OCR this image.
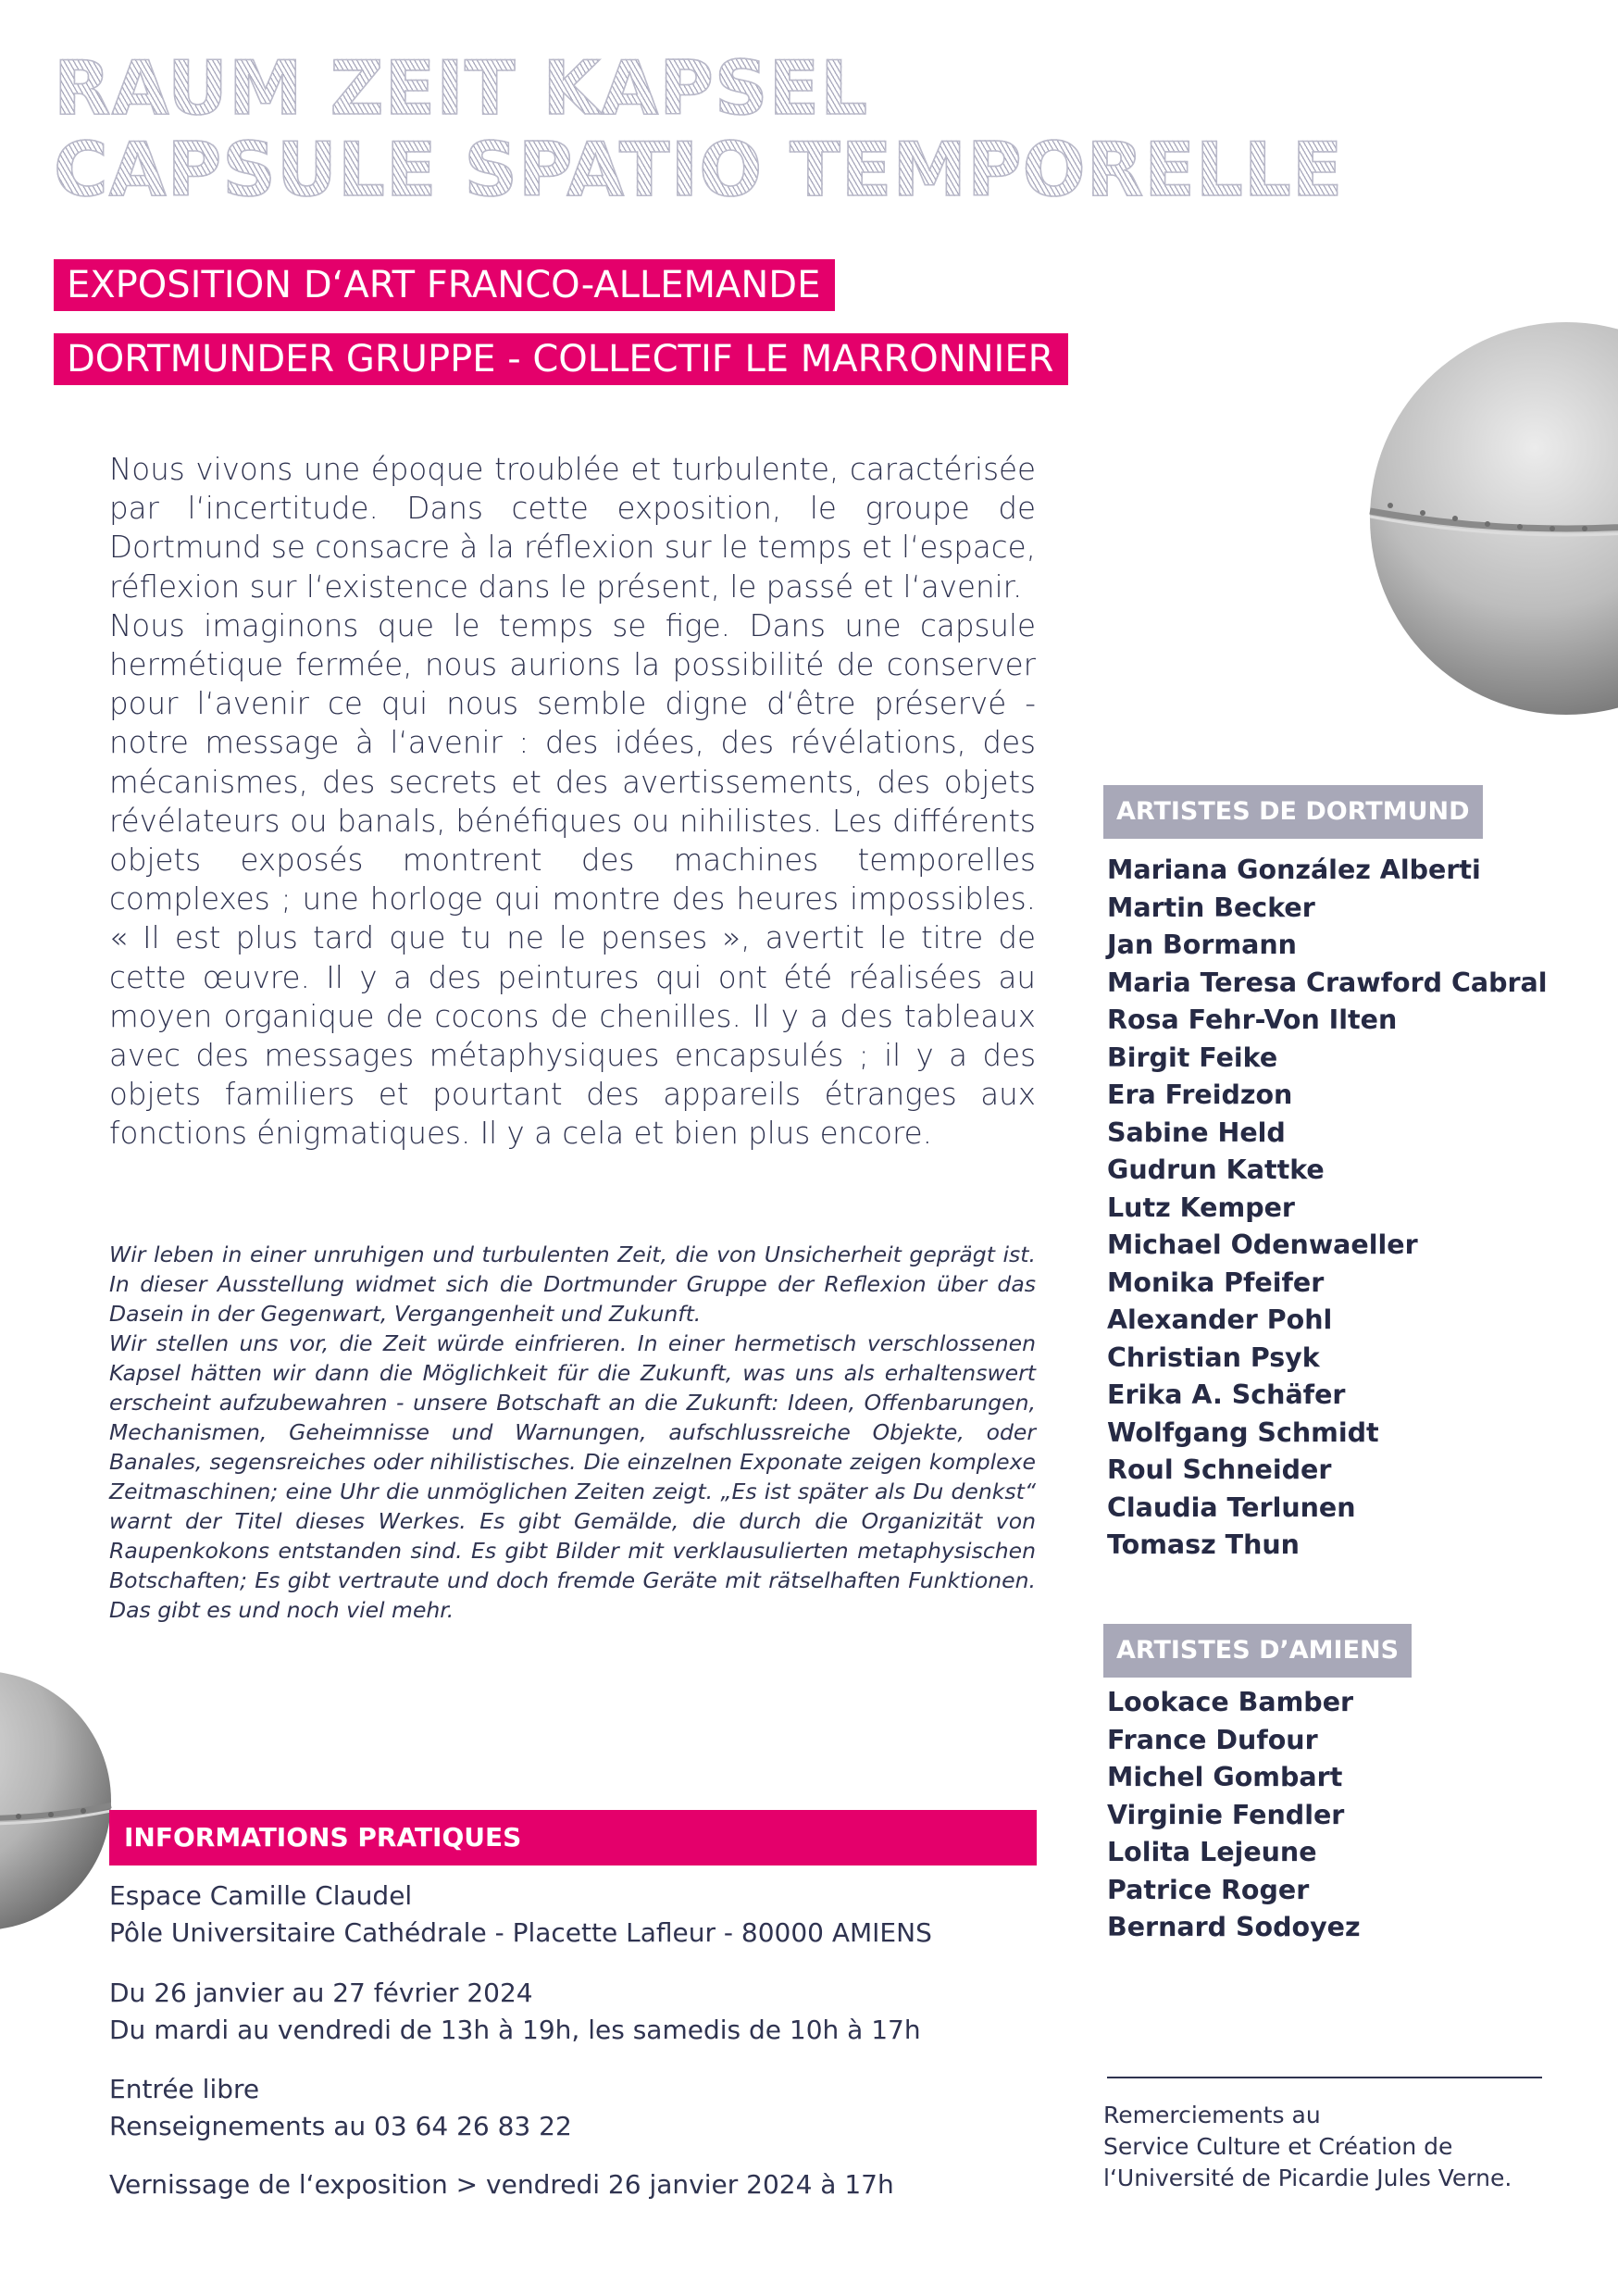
RAUM ZEIT KAPSEL
CAPSULE SPATIO TEMPORELLE
EXPOSITION D‘ART FRANCO-ALLEMANDE
DORTMUNDER GRUPPE - COLLECTIF LE MARRONNIER

Nous vivons une époque troublée et turbulente, caractérisée par l‘incertitude. Dans cette exposition, le groupe de Dortmund se consacre à la réflexion sur le temps et l‘espace, réflexion sur l‘existence dans le présent, le passé et l‘avenir.

Nous imaginons que le temps se fige. Dans une capsule hermétique fermée, nous aurions la possibilité de conserver pour l‘avenir ce qui nous semble digne d‘être préservé - notre message à l‘avenir : des idées, des révélations, des mécanismes, des secrets et des avertissements, des objets révélateurs ou banals, bénéfiques ou nihilistes. Les différents objets exposés montrent des machines temporelles complexes ; une horloge qui montre des heures impossibles. « Il est plus tard que tu ne le penses », avertit le titre de cette œuvre. Il y a des peintures qui ont été réalisées au moyen organique de cocons de chenilles. Il y a des tableaux avec des messages métaphysiques encapsulés ; il y a des objets familiers et pourtant des appareils étranges aux fonctions énigmatiques. Il y a cela et bien plus encore.

Wir leben in einer unruhigen und turbulenten Zeit, die von Unsicherheit geprägt ist. In dieser Ausstellung widmet sich die Dortmunder Gruppe der Reflexion über das Dasein in der Gegenwart, Vergangenheit und Zukunft.

Wir stellen uns vor, die Zeit würde einfrieren. In einer hermetisch verschlossenen Kapsel hätten wir dann die Möglichkeit für die Zukunft, was uns als erhaltenswert erscheint aufzubewahren - unsere Botschaft an die Zukunft: Ideen, Offenbarungen, Mechanismen, Geheimnisse und Warnungen, aufschlussreiche Objekte, oder Banales, segensreiches oder nihilistisches. Die einzelnen Exponate zeigen komplexe Zeitmaschinen; eine Uhr die unmöglichen Zeiten zeigt. „Es ist später als Du denkst“ warnt der Titel dieses Werkes. Es gibt Gemälde, die durch die Organizität von Raupenkokons entstanden sind. Es gibt Bilder mit verklausulierten metaphysischen Botschaften; Es gibt vertraute und doch fremde Geräte mit rätselhaften Funktionen. Das gibt es und noch viel mehr.

ARTISTES DE DORTMUND
Mariana González Alberti
Martin Becker
Jan Bormann
Maria Teresa Crawford Cabral
Rosa Fehr-Von Ilten
Birgit Feike
Era Freidzon
Sabine Held
Gudrun Kattke
Lutz Kemper
Michael Odenwaeller
Monika Pfeifer
Alexander Pohl
Christian Psyk
Erika A. Schäfer
Wolfgang Schmidt
Roul Schneider
Claudia Terlunen
Tomasz Thun
ARTISTES D’AMIENS
Lookace Bamber
France Dufour
Michel Gombart
Virginie Fendler
Lolita Lejeune
Patrice Roger
Bernard Sodoyez
INFORMATIONS PRATIQUES
Espace Camille Claudel
Pôle Universitaire Cathédrale - Placette Lafleur - 80000 AMIENS
Du 26 janvier au 27 février 2024
Du mardi au vendredi de 13h à 19h, les samedis de 10h à 17h
Entrée libre
Renseignements au 03 64 26 83 22
Vernissage de l‘exposition > vendredi 26 janvier 2024 à 17h
Remerciements au
Service Culture et Création de
l‘Université de Picardie Jules Verne.
